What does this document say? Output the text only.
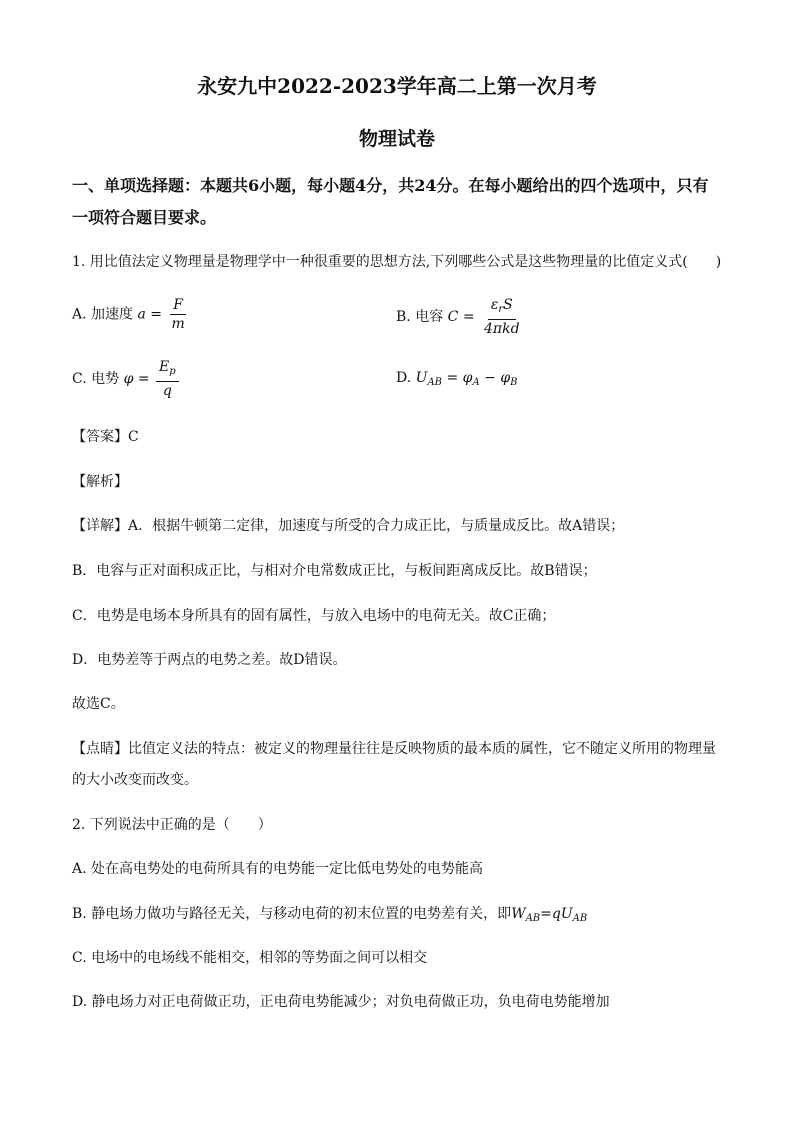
永安九中2022-2023学年高二上第一次月考
物理试卷
一、单项选择题：本题共6小题，每小题4分，共24分。在每小题给出的四个选项中，只有
一项符合题目要求。
1. 用比值法定义物理量是物理学中一种很重要的思想方法,下列哪些公式是这些物理量的比值定义式(　　)
A. 加速度 $a = \frac{F}{m}$	B. 电容 $C = \frac{\varepsilon_rS}{\text{4πkd}}$
C. 电势 $\varphi = \frac{E_p}{q}$	D. $U_{AB} = \varphi_A - \varphi_B$
【答案】C
【解析】
【详解】A．根据牛顿第二定律，加速度与所受的合力成正比，与质量成反比。故A错误；
B．电容与正对面积成正比，与相对介电常数成正比，与板间距离成反比。故B错误；
C．电势是电场本身所具有的固有属性，与放入电场中的电荷无关。故C正确；
D．电势差等于两点的电势之差。故D错误。
故选C。
【点睛】比值定义法的特点：被定义的物理量往往是反映物质的最本质的属性，它不随定义所用的物理量
的大小改变而改变。
2. 下列说法中正确的是（　　）
A. 处在高电势处的电荷所具有的电势能一定比低电势处的电势能高
B. 静电场力做功与路径无关，与移动电荷的初末位置的电势差有关，即$W_{AB}=qU_{AB}$
C. 电场中的电场线不能相交，相邻的等势面之间可以相交
D. 静电场力对正电荷做正功，正电荷电势能减少；对负电荷做正功，负电荷电势能增加
